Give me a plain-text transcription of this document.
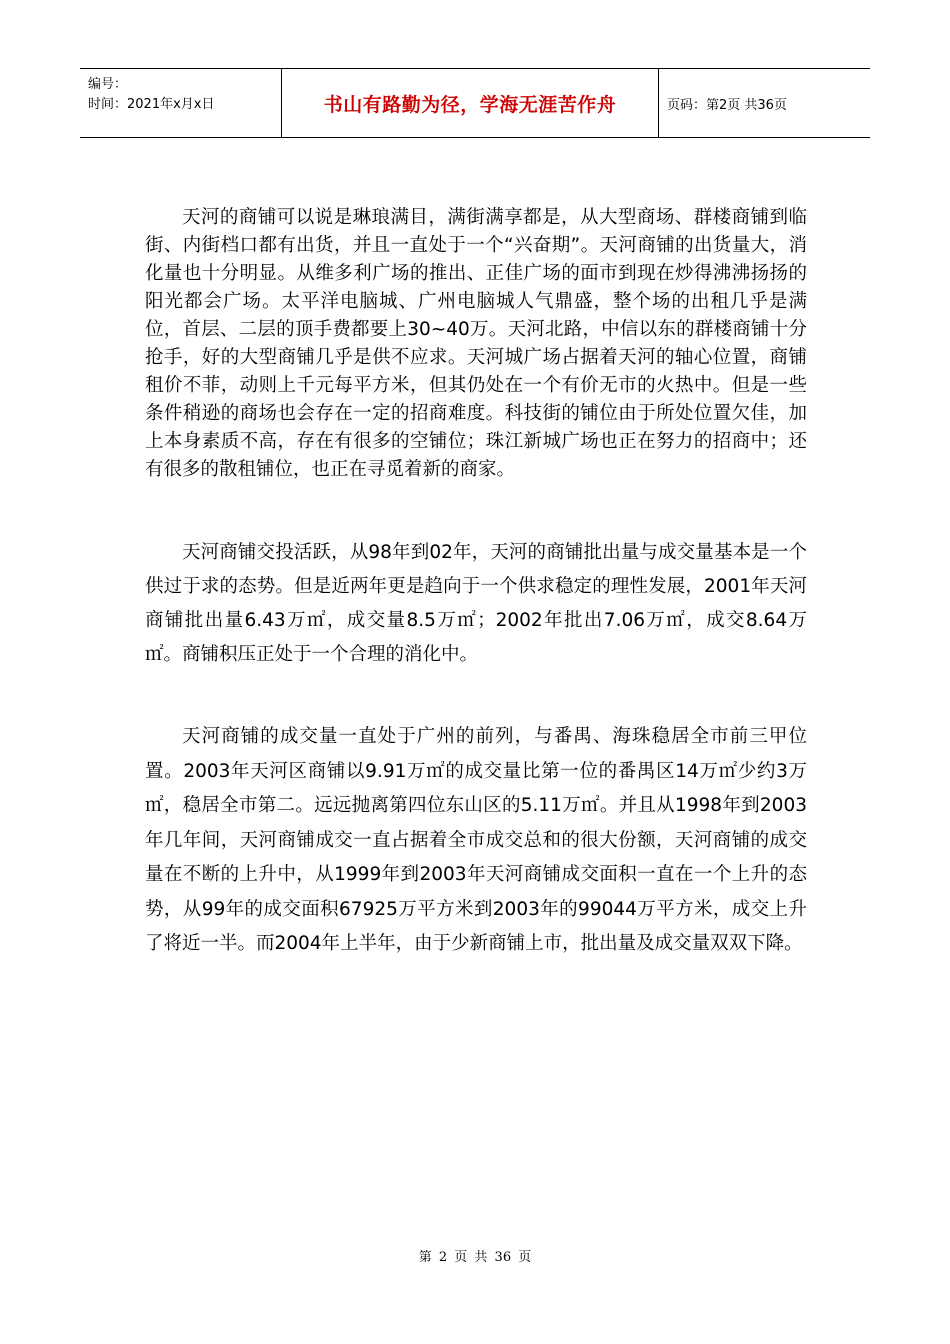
编号：
时间：2021年x月x日	书山有路勤为径，学海无涯苦作舟	页码：第2页 共36页

天河的商铺可以说是琳琅满目，满街满享都是，从大型商场、群楼商铺到临街、内街档口都有出货，并且一直处于一个“兴奋期”。天河商铺的出货量大，消化量也十分明显。从维多利广场的推出、正佳广场的面市到现在炒得沸沸扬扬的阳光都会广场。太平洋电脑城、广州电脑城人气鼎盛，整个场的出租几乎是满位，首层、二层的顶手费都要上30~40万。天河北路，中信以东的群楼商铺十分抢手，好的大型商铺几乎是供不应求。天河城广场占据着天河的轴心位置，商铺租价不菲，动则上千元每平方米，但其仍处在一个有价无市的火热中。但是一些条件稍逊的商场也会存在一定的招商难度。科技街的铺位由于所处位置欠佳，加上本身素质不高，存在有很多的空铺位；珠江新城广场也正在努力的招商中；还有很多的散租铺位，也正在寻觅着新的商家。

天河商铺交投活跃，从98年到02年，天河的商铺批出量与成交量基本是一个供过于求的态势。但是近两年更是趋向于一个供求稳定的理性发展，2001年天河商铺批出量6.43万㎡，成交量8.5万㎡；2002年批出7.06万㎡，成交8.64万㎡。商铺积压正处于一个合理的消化中。

天河商铺的成交量一直处于广州的前列，与番禺、海珠稳居全市前三甲位置。2003年天河区商铺以9.91万㎡的成交量比第一位的番禺区14万㎡少约3万㎡，稳居全市第二。远远抛离第四位东山区的5.11万㎡。并且从1998年到2003年几年间，天河商铺成交一直占据着全市成交总和的很大份额，天河商铺的成交量在不断的上升中，从1999年到2003年天河商铺成交面积一直在一个上升的态势，从99年的成交面积67925万平方米到2003年的99044万平方米，成交上升了将近一半。而2004年上半年，由于少新商铺上市，批出量及成交量双双下降。

第 2 页 共 36 页
